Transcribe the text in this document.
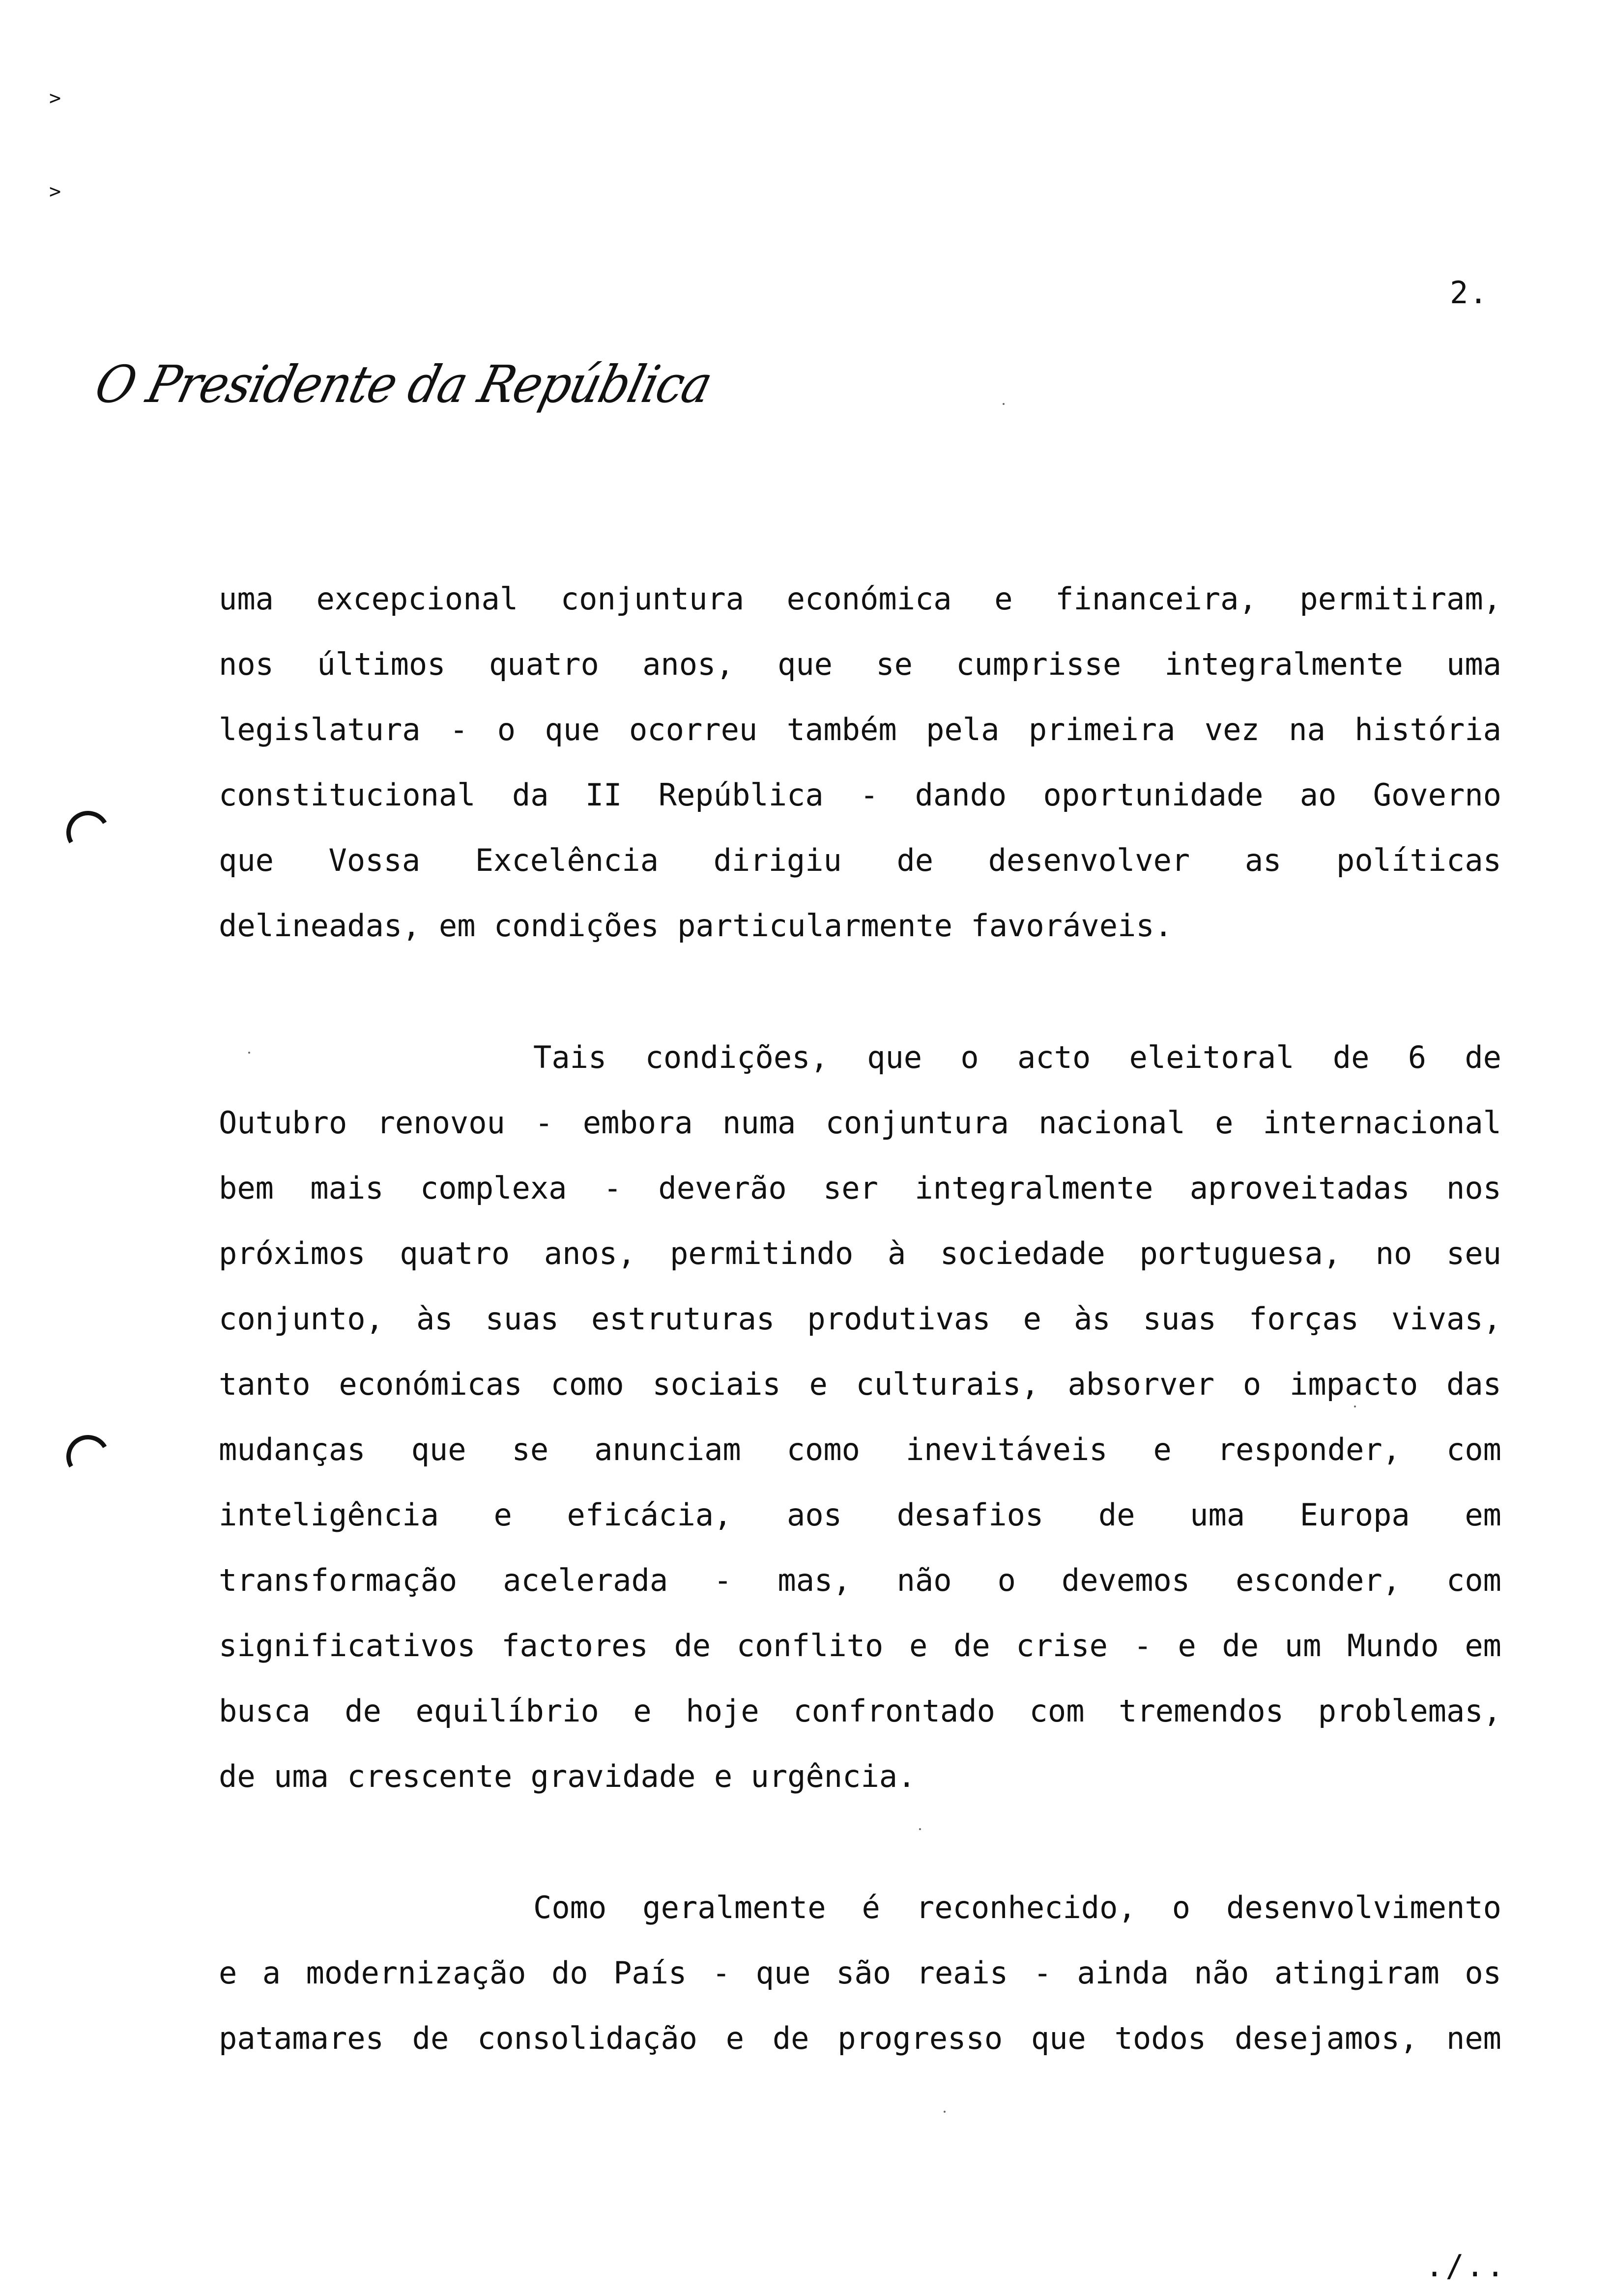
>
>
2.
O Presidente da República
uma excepcional conjuntura económica e financeira, permitiram,
nos últimos quatro anos, que se cumprisse integralmente uma
legislatura - o que ocorreu também pela primeira vez na história
constitucional da II República - dando oportunidade ao Governo
que Vossa Excelência dirigiu de desenvolver as políticas
delineadas, em condições particularmente favoráveis.
Tais condições, que o acto eleitoral de 6 de
Outubro renovou - embora numa conjuntura nacional e internacional
bem mais complexa - deverão ser integralmente aproveitadas nos
próximos quatro anos, permitindo à sociedade portuguesa, no seu
conjunto, às suas estruturas produtivas e às suas forças vivas,
tanto económicas como sociais e culturais, absorver o impacto das
mudanças que se anunciam como inevitáveis e responder, com
inteligência e eficácia, aos desafios de uma Europa em
transformação acelerada - mas, não o devemos esconder, com
significativos factores de conflito e de crise - e de um Mundo em
busca de equilíbrio e hoje confrontado com tremendos problemas,
de uma crescente gravidade e urgência.
Como geralmente é reconhecido, o desenvolvimento
e a modernização do País - que são reais - ainda não atingiram os
patamares de consolidação e de progresso que todos desejamos, nem
./..
